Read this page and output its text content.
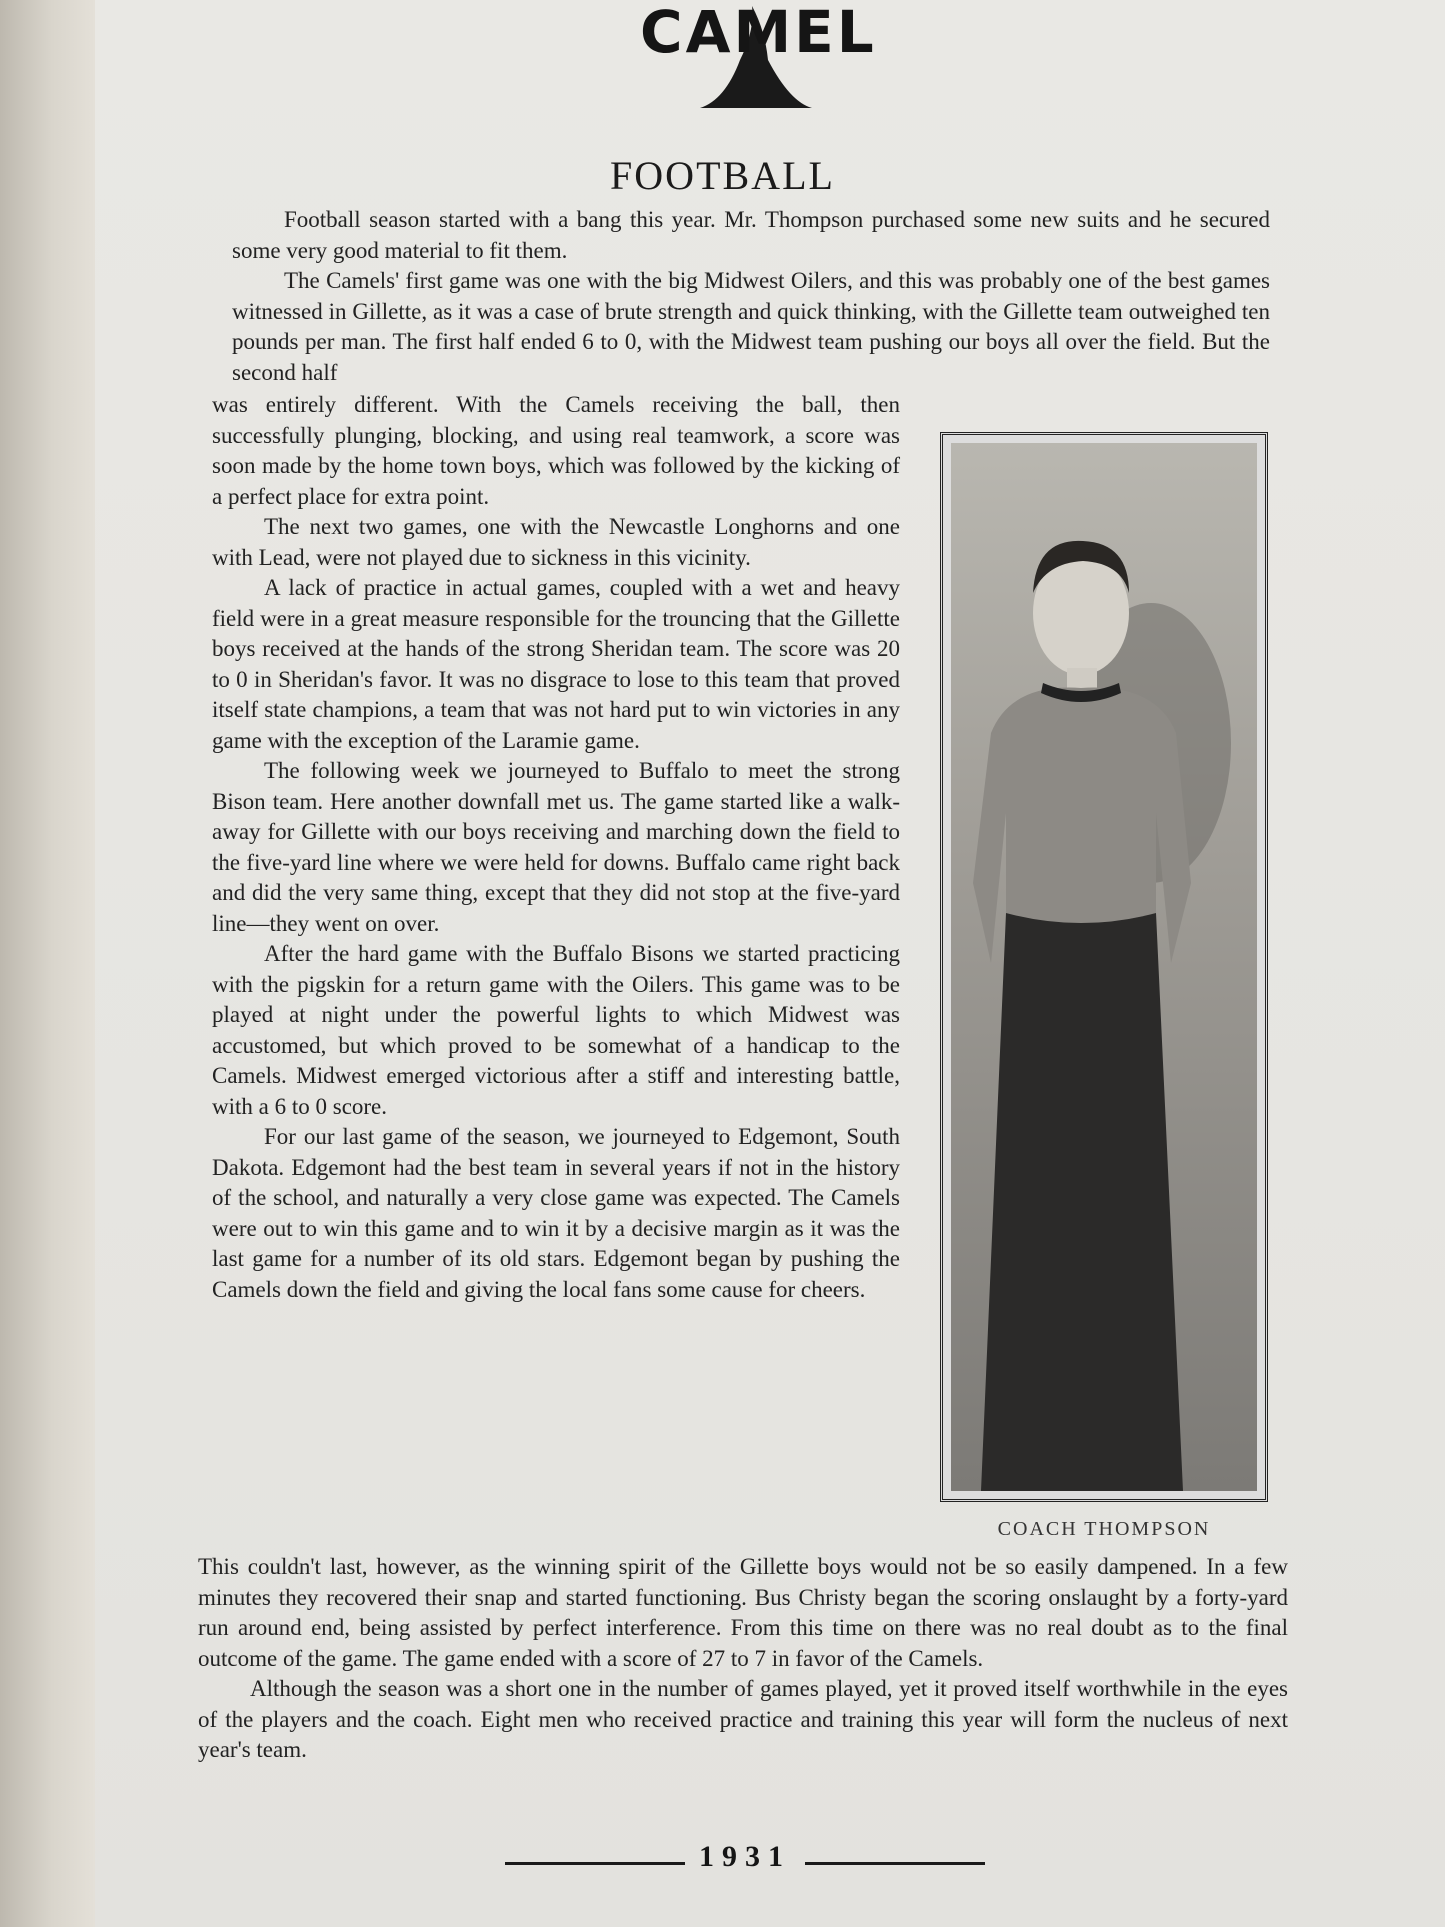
CAMEL
FOOTBALL

Football season started with a bang this year. Mr. Thompson purchased some new suits and he secured some very good material to fit them.

The Camels' first game was one with the big Midwest Oilers, and this was probably one of the best games witnessed in Gillette, as it was a case of brute strength and quick thinking, with the Gillette team outweighed ten pounds per man. The first half ended 6 to 0, with the Midwest team pushing our boys all over the field. But the second half

was entirely different. With the Camels receiving the ball, then successfully plunging, blocking, and using real teamwork, a score was soon made by the home town boys, which was followed by the kicking of a perfect place for extra point.

The next two games, one with the Newcastle Longhorns and one with Lead, were not played due to sickness in this vicinity.

A lack of practice in actual games, coupled with a wet and heavy field were in a great measure responsible for the trouncing that the Gillette boys received at the hands of the strong Sheridan team. The score was 20 to 0 in Sheridan's favor. It was no disgrace to lose to this team that proved itself state champions, a team that was not hard put to win victories in any game with the exception of the Laramie game.

The following week we journeyed to Buffalo to meet the strong Bison team. Here another downfall met us. The game started like a walk-away for Gillette with our boys receiving and marching down the field to the five-yard line where we were held for downs. Buffalo came right back and did the very same thing, except that they did not stop at the five-yard line—they went on over.

After the hard game with the Buffalo Bisons we started practicing with the pigskin for a return game with the Oilers. This game was to be played at night under the powerful lights to which Midwest was accustomed, but which proved to be somewhat of a handicap to the Camels. Midwest emerged victorious after a stiff and interesting battle, with a 6 to 0 score.

For our last game of the season, we journeyed to Edgemont, South Dakota. Edgemont had the best team in several years if not in the history of the school, and naturally a very close game was expected. The Camels were out to win this game and to win it by a decisive margin as it was the last game for a number of its old stars. Edgemont began by pushing the Camels down the field and giving the local fans some cause for cheers.

COACH THOMPSON

This couldn't last, however, as the winning spirit of the Gillette boys would not be so easily dampened. In a few minutes they recovered their snap and started functioning. Bus Christy began the scoring onslaught by a forty-yard run around end, being assisted by perfect interference. From this time on there was no real doubt as to the final outcome of the game. The game ended with a score of 27 to 7 in favor of the Camels.

Although the season was a short one in the number of games played, yet it proved itself worthwhile in the eyes of the players and the coach. Eight men who received practice and training this year will form the nucleus of next year's team.

1931
